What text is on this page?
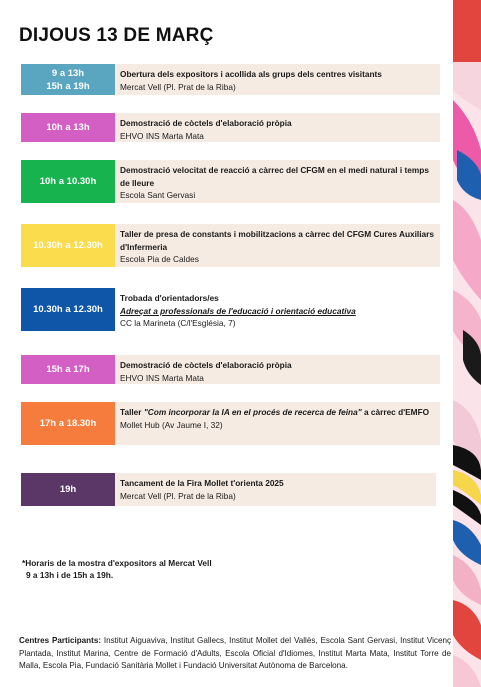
DIJOUS 13 DE MARÇ
9 a 13h
15h a 19h
Obertura dels expositors i acollida als grups dels centres visitants
Mercat Vell (Pl. Prat de la Riba)
10h a 13h	Demostració de còctels d'elaboració pròpia
EHVO INS Marta Mata
10h a 10.30h
Demostració velocitat de reacció a càrrec del CFGM en el medi natural i temps de lleure
Escola Sant Gervasi
10.30h a 12.30h
Taller de presa de constants i mobilitzacions a càrrec del CFGM Cures Auxiliars d'Infermeria
Escola Pia de Caldes
10.30h a 12.30h
Trobada d'orientadors/es
Adreçat a professionals de l'educació i orientació educativa
CC la Marineta (C/l'Església, 7)
15h a 17h	Demostració de còctels d'elaboració pròpia
EHVO INS Marta Mata
17h a 18.30h
Taller "Com incorporar la IA en el procés de recerca de feina" a càrrec d'EMFO
Mollet Hub (Av Jaume I, 32)
19h
Tancament de la Fira Mollet t'orienta 2025
Mercat Vell (Pl. Prat de la Riba)
*Horaris de la mostra d'expositors al Mercat Vell
9 a 13h i de 15h a 19h.
Centres Participants: Institut Aiguaviva, Institut Gallecs, Institut Mollet del Vallès, Escola Sant Gervasi, Institut Vicenç Plantada, Institut Marina, Centre de Formació d'Adults, Escola Oficial d'Idiomes, Institut Marta Mata, Institut Torre de Malla, Escola Pia, Fundació Sanitària Mollet i Fundació Universitat Autònoma de Barcelona.
